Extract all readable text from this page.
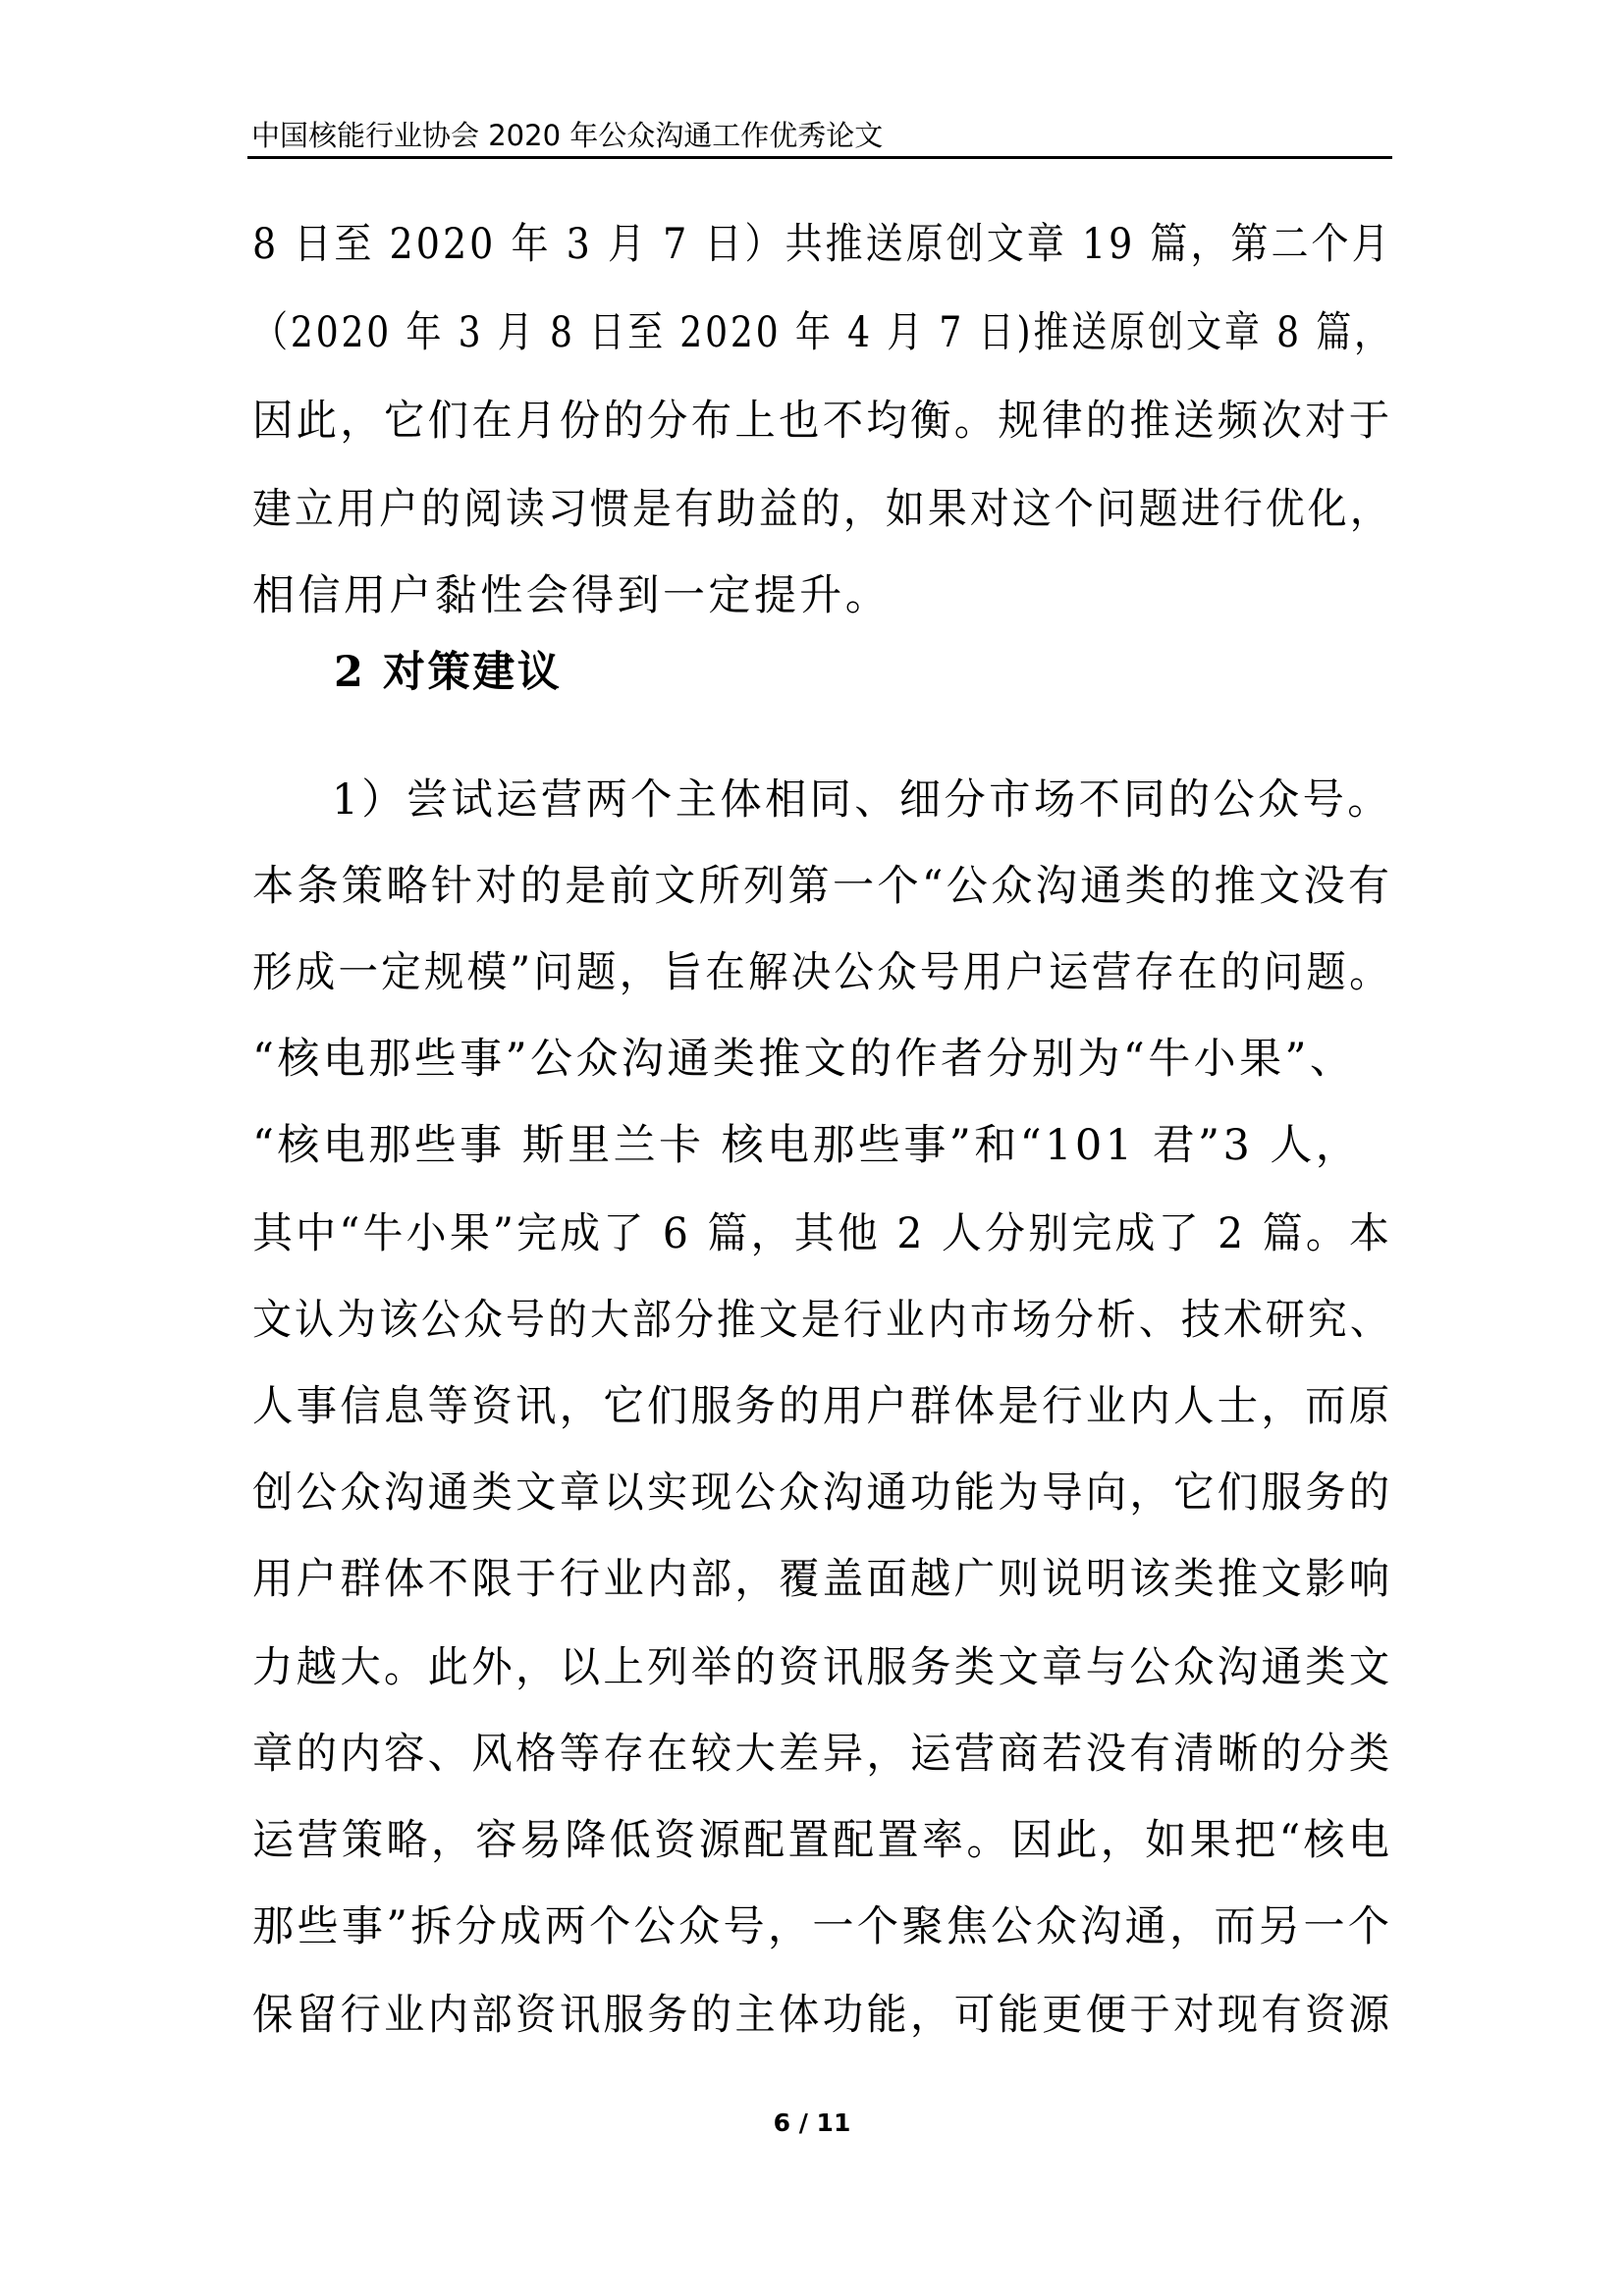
中国核能行业协会 2020 年公众沟通工作优秀论文
8 日至 2020 年 3 月 7 日）共推送原创文章 19 篇，第二个月
（2020 年 3 月 8 日至 2020 年 4 月 7 日)推送原创文章 8 篇，
因此，它们在月份的分布上也不均衡。规律的推送频次对于
建立用户的阅读习惯是有助益的，如果对这个问题进行优化，
相信用户黏性会得到一定提升。
2 对策建议
1）尝试运营两个主体相同、细分市场不同的公众号。
本条策略针对的是前文所列第一个“公众沟通类的推文没有
形成一定规模”问题，旨在解决公众号用户运营存在的问题。
“核电那些事”公众沟通类推文的作者分别为“牛小果”、
“核电那些事 斯里兰卡 核电那些事”和“101 君”3 人，
其中“牛小果”完成了 6 篇，其他 2 人分别完成了 2 篇。本
文认为该公众号的大部分推文是行业内市场分析、技术研究、
人事信息等资讯，它们服务的用户群体是行业内人士，而原
创公众沟通类文章以实现公众沟通功能为导向，它们服务的
用户群体不限于行业内部，覆盖面越广则说明该类推文影响
力越大。此外，以上列举的资讯服务类文章与公众沟通类文
章的内容、风格等存在较大差异，运营商若没有清晰的分类
运营策略，容易降低资源配置配置率。因此，如果把“核电
那些事”拆分成两个公众号，一个聚焦公众沟通，而另一个
保留行业内部资讯服务的主体功能，可能更便于对现有资源
6 / 11
